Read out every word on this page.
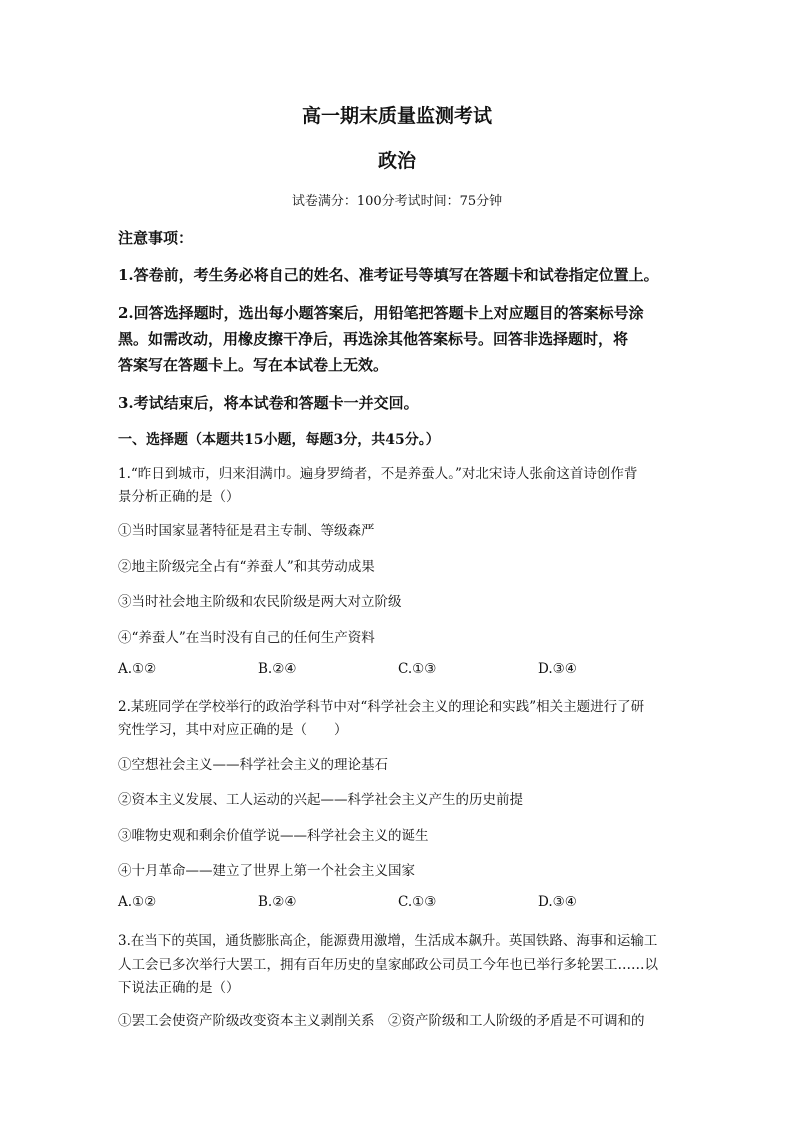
高一期末质量监测考试
政治
试卷满分：100分考试时间：75分钟
注意事项：
1.答卷前，考生务必将自己的姓名、准考证号等填写在答题卡和试卷指定位置上。
2.回答选择题时，选出每小题答案后，用铅笔把答题卡上对应题目的答案标号涂
黑。如需改动，用橡皮擦干净后，再选涂其他答案标号。回答非选择题时，将
答案写在答题卡上。写在本试卷上无效。
3.考试结束后，将本试卷和答题卡一并交回。
一、选择题（本题共15小题，每题3分，共45分。）
1.“昨日到城市，归来泪满巾。遍身罗绮者，不是养蚕人。”对北宋诗人张俞这首诗创作背
景分析正确的是（）
①当时国家显著特征是君主专制、等级森严
②地主阶级完全占有“养蚕人”和其劳动成果
③当时社会地主阶级和农民阶级是两大对立阶级
④“养蚕人”在当时没有自己的任何生产资料
A.①②	B.②④	C.①③	D.③④
2.某班同学在学校举行的政治学科节中对“科学社会主义的理论和实践”相关主题进行了研
究性学习，其中对应正确的是（　　）
①空想社会主义——科学社会主义的理论基石
②资本主义发展、工人运动的兴起——科学社会主义产生的历史前提
③唯物史观和剩余价值学说——科学社会主义的诞生
④十月革命——建立了世界上第一个社会主义国家
A.①②	B.②④	C.①③	D.③④
3.在当下的英国，通货膨胀高企，能源费用激增，生活成本飙升。英国铁路、海事和运输工
人工会已多次举行大罢工，拥有百年历史的皇家邮政公司员工今年也已举行多轮罢工……以
下说法正确的是（）
①罢工会使资产阶级改变资本主义剥削关系　②资产阶级和工人阶级的矛盾是不可调和的
